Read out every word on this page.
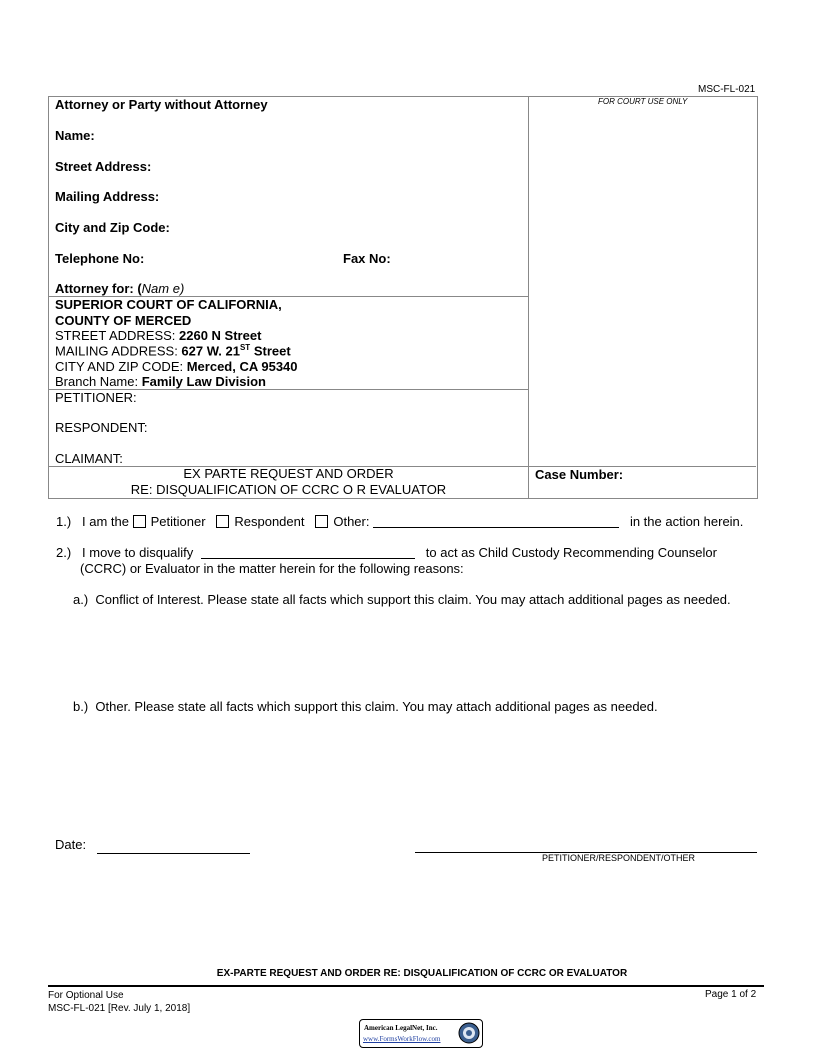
MSC-FL-021
FOR COURT USE ONLY
Attorney or Party without Attorney
Name:
Street Address:
Mailing Address:
City and Zip Code:
Telephone No:	Fax No:
Attorney for: (Nam e)
SUPERIOR COURT OF CALIFORNIA,
COUNTY OF MERCED
STREET ADDRESS: 2260 N Street
MAILING ADDRESS: 627 W. 21ST Street
CITY AND ZIP CODE: Merced, CA 95340
Branch Name: Family Law Division
PETITIONER:
RESPONDENT:
CLAIMANT:
EX PARTE REQUEST AND ORDER
RE: DISQUALIFICATION OF CCRC O R EVALUATOR
Case Number:
1.) I am the Petitioner Respondent Other:	in the action herein.
2.) I move to disqualify	to act as Child Custody Recommending Counselor
(CCRC) or Evaluator in the matter herein for the following reasons:
a.) Conflict of Interest. Please state all facts which support this claim. You may attach additional pages as needed.
b.) Other. Please state all facts which support this claim. You may attach additional pages as needed.
Date:
PETITIONER/RESPONDENT/OTHER
EX-PARTE REQUEST AND ORDER RE: DISQUALIFICATION OF CCRC OR EVALUATOR
For Optional Use
MSC-FL-021 [Rev. July 1, 2018]
Page 1 of 2
American LegalNet, Inc.
www.FormsWorkFlow.com
